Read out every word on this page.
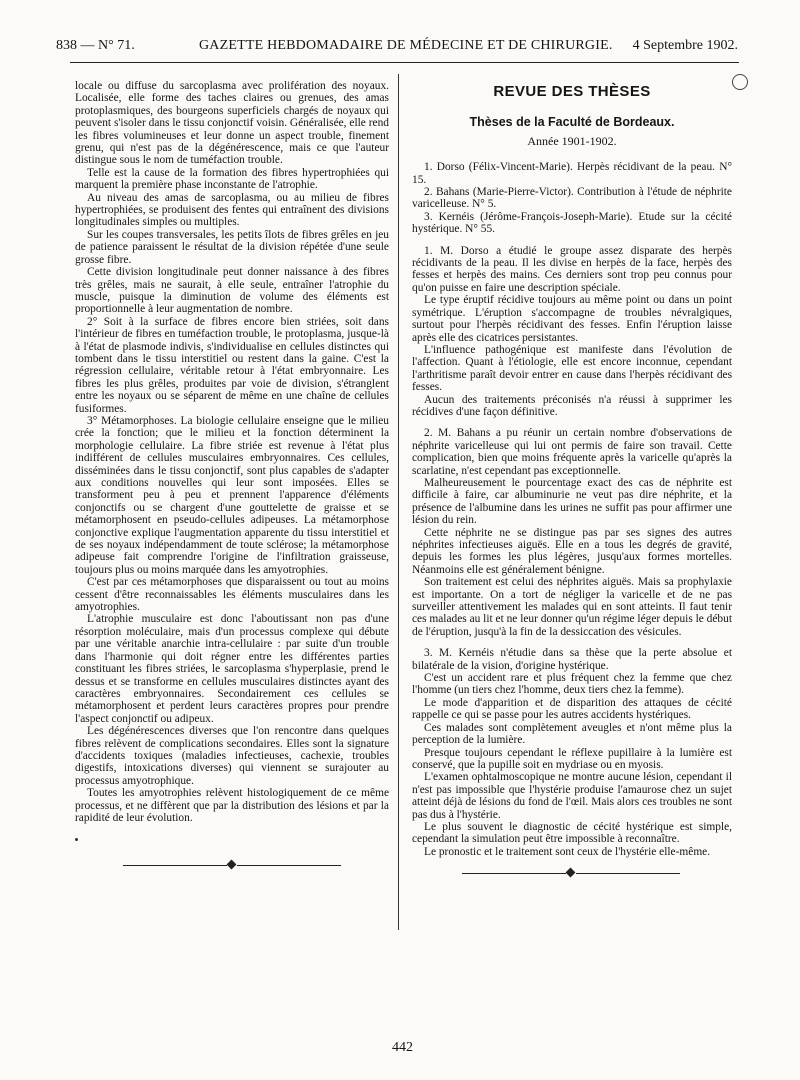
838 — N° 71.	GAZETTE HEBDOMADAIRE DE MÉDECINE ET DE CHIRURGIE. 4 Septembre 1902.

locale ou diffuse du sarcoplasma avec prolifération des noyaux. Localisée, elle forme des taches claires ou grenues, des amas protoplasmiques, des bourgeons superficiels chargés de noyaux qui peuvent s'isoler dans le tissu conjonctif voisin. Généralisée, elle rend les fibres volumineuses et leur donne un aspect trouble, finement grenu, qui n'est pas de la dégénérescence, mais ce que l'auteur distingue sous le nom de tuméfaction trouble.

Telle est la cause de la formation des fibres hypertrophiées qui marquent la première phase inconstante de l'atrophie.

Au niveau des amas de sarcoplasma, ou au milieu de fibres hypertrophiées, se produisent des fentes qui entraînent des divisions longitudinales simples ou multiples.

Sur les coupes transversales, les petits îlots de fibres grêles en jeu de patience paraissent le résultat de la division répétée d'une seule grosse fibre.

Cette division longitudinale peut donner naissance à des fibres très grêles, mais ne saurait, à elle seule, entraîner l'atrophie du muscle, puisque la diminution de volume des éléments est proportionnelle à leur augmentation de nombre.

2° Soit à la surface de fibres encore bien striées, soit dans l'intérieur de fibres en tuméfaction trouble, le protoplasma, jusque-là à l'état de plasmode indivis, s'individualise en cellules distinctes qui tombent dans le tissu interstitiel ou restent dans la gaine. C'est la régression cellulaire, véritable retour à l'état embryonnaire. Les fibres les plus grêles, produites par voie de division, s'étranglent entre les noyaux ou se séparent de même en une chaîne de cellules fusiformes.

3° Métamorphoses. La biologie cellulaire enseigne que le milieu crée la fonction; que le milieu et la fonction déterminent la morphologie cellulaire. La fibre striée est revenue à l'état plus indifférent de cellules musculaires embryonnaires. Ces cellules, disséminées dans le tissu conjonctif, sont plus capables de s'adapter aux conditions nouvelles qui leur sont imposées. Elles se transforment peu à peu et prennent l'apparence d'éléments conjonctifs ou se chargent d'une gouttelette de graisse et se métamorphosent en pseudo-cellules adipeuses. La métamorphose conjonctive explique l'augmentation apparente du tissu interstitiel et de ses noyaux indépendamment de toute sclérose; la métamorphose adipeuse fait comprendre l'origine de l'infiltration graisseuse, toujours plus ou moins marquée dans les amyotrophies.

C'est par ces métamorphoses que disparaissent ou tout au moins cessent d'être reconnaissables les éléments musculaires dans les amyotrophies.

L'atrophie musculaire est donc l'aboutissant non pas d'une résorption moléculaire, mais d'un processus complexe qui débute par une véritable anarchie intra-cellulaire : par suite d'un trouble dans l'harmonie qui doit régner entre les différentes parties constituant les fibres striées, le sarcoplasma s'hyperplasie, prend le dessus et se transforme en cellules musculaires distinctes ayant des caractères embryonnaires. Secondairement ces cellules se métamorphosent et perdent leurs caractères propres pour prendre l'aspect conjonctif ou adipeux.

Les dégénérescences diverses que l'on rencontre dans quelques fibres relèvent de complications secondaires. Elles sont la signature d'accidents toxiques (maladies infectieuses, cachexie, troubles digestifs, intoxications diverses) qui viennent se surajouter au processus amyotrophique.

Toutes les amyotrophies relèvent histologiquement de ce même processus, et ne diffèrent que par la distribution des lésions et par la rapidité de leur évolution.

REVUE DES THÈSES
Thèses de la Faculté de Bordeaux.
Année 1901-1902.

1. Dorso (Félix-Vincent-Marie). Herpès récidivant de la peau. N° 15.

2. Bahans (Marie-Pierre-Victor). Contribution à l'étude de néphrite varicelleuse. N° 5.

3. Kernéis (Jérôme-François-Joseph-Marie). Etude sur la cécité hystérique. N° 55.

1. M. Dorso a étudié le groupe assez disparate des herpès récidivants de la peau. Il les divise en herpès de la face, herpès des fesses et herpès des mains. Ces derniers sont trop peu connus pour qu'on puisse en faire une description spéciale.

Le type éruptif récidive toujours au même point ou dans un point symétrique. L'éruption s'accompagne de troubles névralgiques, surtout pour l'herpès récidivant des fesses. Enfin l'éruption laisse après elle des cicatrices persistantes.

L'influence pathogénique est manifeste dans l'évolution de l'affection. Quant à l'étiologie, elle est encore inconnue, cependant l'arthritisme paraît devoir entrer en cause dans l'herpès récidivant des fesses.

Aucun des traitements préconisés n'a réussi à supprimer les récidives d'une façon définitive.

2. M. Bahans a pu réunir un certain nombre d'observations de néphrite varicelleuse qui lui ont permis de faire son travail. Cette complication, bien que moins fréquente après la varicelle qu'après la scarlatine, n'est cependant pas exceptionnelle.

Malheureusement le pourcentage exact des cas de néphrite est difficile à faire, car albuminurie ne veut pas dire néphrite, et la présence de l'albumine dans les urines ne suffit pas pour affirmer une lésion du rein.

Cette néphrite ne se distingue pas par ses signes des autres néphrites infectieuses aiguës. Elle en a tous les degrés de gravité, depuis les formes les plus légères, jusqu'aux formes mortelles. Néanmoins elle est généralement bénigne.

Son traitement est celui des néphrites aiguës. Mais sa prophylaxie est importante. On a tort de négliger la varicelle et de ne pas surveiller attentivement les malades qui en sont atteints. Il faut tenir ces malades au lit et ne leur donner qu'un régime léger depuis le début de l'éruption, jusqu'à la fin de la dessiccation des vésicules.

3. M. Kernéis n'étudie dans sa thèse que la perte absolue et bilatérale de la vision, d'origine hystérique.

C'est un accident rare et plus fréquent chez la femme que chez l'homme (un tiers chez l'homme, deux tiers chez la femme).

Le mode d'apparition et de disparition des attaques de cécité rappelle ce qui se passe pour les autres accidents hystériques.

Ces malades sont complètement aveugles et n'ont même plus la perception de la lumière.

Presque toujours cependant le réflexe pupillaire à la lumière est conservé, que la pupille soit en mydriase ou en myosis.

L'examen ophtalmoscopique ne montre aucune lésion, cependant il n'est pas impossible que l'hystérie produise l'amaurose chez un sujet atteint déjà de lésions du fond de l'œil. Mais alors ces troubles ne sont pas dus à l'hystérie.

Le plus souvent le diagnostic de cécité hystérique est simple, cependant la simulation peut être impossible à reconnaître.

Le pronostic et le traitement sont ceux de l'hystérie elle-même.

442
